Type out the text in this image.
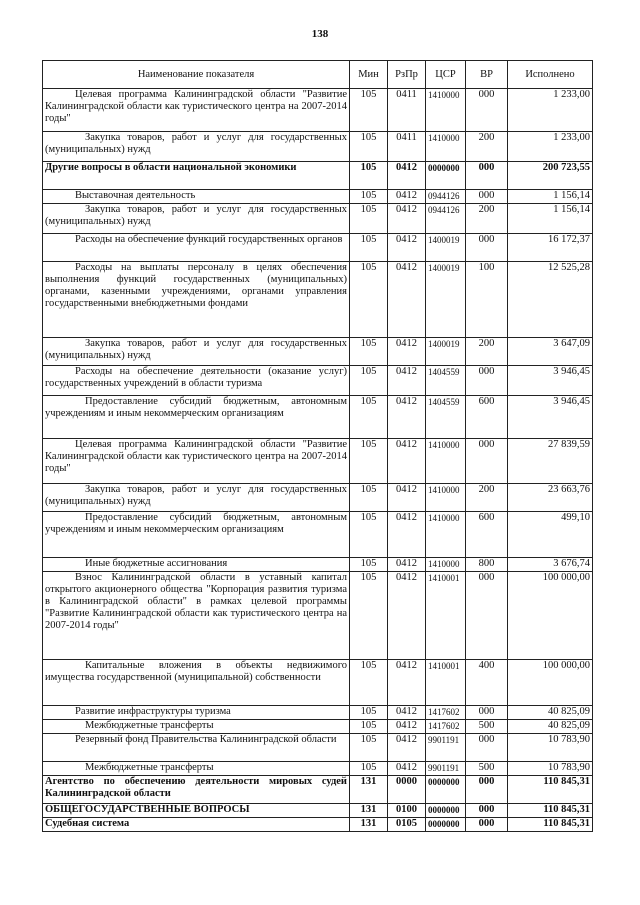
138
Наименование показателя	Мин	РзПр	ЦСР	ВР	Исполнено
Целевая программа Калининградской области "Развитие Калининградской области как туристического центра на 2007-2014 годы"	105	0411	1410000	000	1 233,00
Закупка товаров, работ и услуг для государственных (муниципальных) нужд	105	0411	1410000	200	1 233,00
Другие вопросы в области национальной экономики	105	0412	0000000	000	200 723,55
Выставочная деятельность	105	0412	0944126	000	1 156,14
Закупка товаров, работ и услуг для государственных (муниципальных) нужд	105	0412	0944126	200	1 156,14
Расходы на обеспечение функций государственных органов	105	0412	1400019	000	16 172,37
Расходы на выплаты персоналу в целях обеспечения выполнения функций государственных (муниципальных) органами, казенными учреждениями, органами управления государственными внебюджетными фондами	105	0412	1400019	100	12 525,28
Закупка товаров, работ и услуг для государственных (муниципальных) нужд	105	0412	1400019	200	3 647,09
Расходы на обеспечение деятельности (оказание услуг) государственных учреждений в области туризма	105	0412	1404559	000	3 946,45
Предоставление субсидий бюджетным, автономным учреждениям и иным некоммерческим организациям	105	0412	1404559	600	3 946,45
Целевая программа Калининградской области "Развитие Калининградской области как туристического центра на 2007-2014 годы"	105	0412	1410000	000	27 839,59
Закупка товаров, работ и услуг для государственных (муниципальных) нужд	105	0412	1410000	200	23 663,76
Предоставление субсидий бюджетным, автономным учреждениям и иным некоммерческим организациям	105	0412	1410000	600	499,10
Иные бюджетные ассигнования	105	0412	1410000	800	3 676,74
Взнос Калининградской области в уставный капитал открытого акционерного общества "Корпорация развития туризма в Калининградской области" в рамках целевой программы "Развитие Калининградской области как туристического центра на 2007-2014 годы"	105	0412	1410001	000	100 000,00
Капитальные вложения в объекты недвижимого имущества государственной (муниципальной) собственности	105	0412	1410001	400	100 000,00
Развитие инфраструктуры туризма	105	0412	1417602	000	40 825,09
Межбюджетные трансферты	105	0412	1417602	500	40 825,09
Резервный фонд Правительства Калининградской области	105	0412	9901191	000	10 783,90
Межбюджетные трансферты	105	0412	9901191	500	10 783,90
Агентство по обеспечению деятельности мировых судей Калининградской области	131	0000	0000000	000	110 845,31
ОБЩЕГОСУДАРСТВЕННЫЕ ВОПРОСЫ	131	0100	0000000	000	110 845,31
Судебная система	131	0105	0000000	000	110 845,31
